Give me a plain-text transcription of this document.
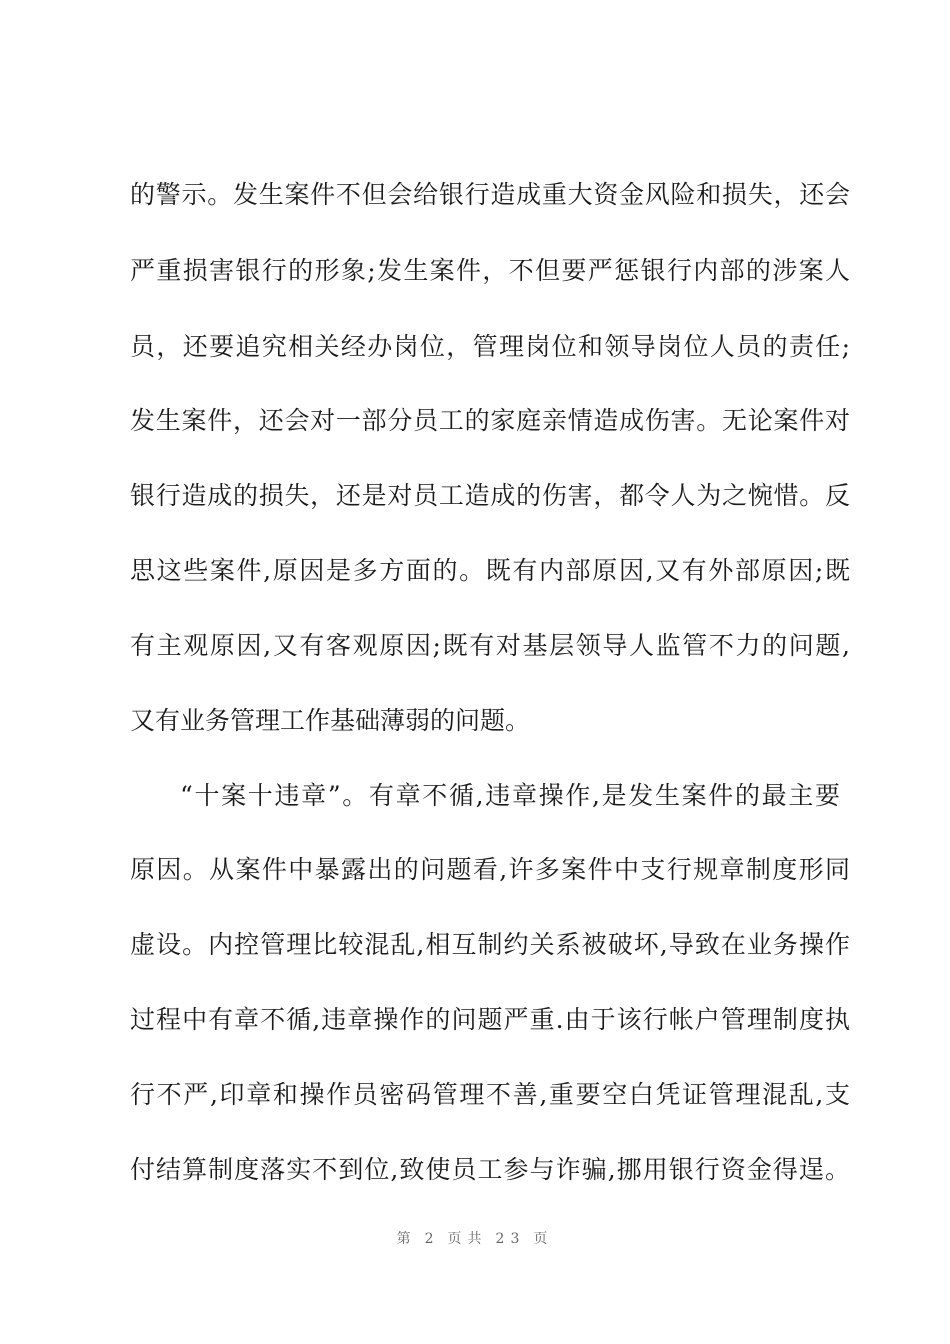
的警示。发生案件不但会给银行造成重大资金风险和损失，还会
严重损害银行的形象;发生案件，不但要严惩银行内部的涉案人
员，还要追究相关经办岗位，管理岗位和领导岗位人员的责任;
发生案件，还会对一部分员工的家庭亲情造成伤害。无论案件对
银行造成的损失，还是对员工造成的伤害，都令人为之惋惜。反
思这些案件,原因是多方面的。既有内部原因,又有外部原因;既
有主观原因,又有客观原因;既有对基层领导人监管不力的问题,
又有业务管理工作基础薄弱的问题。
“十案十违章”。有章不循,违章操作,是发生案件的最主要
原因。从案件中暴露出的问题看,许多案件中支行规章制度形同
虚设。内控管理比较混乱,相互制约关系被破坏,导致在业务操作
过程中有章不循,违章操作的问题严重.由于该行帐户管理制度执
行不严,印章和操作员密码管理不善,重要空白凭证管理混乱,支
付结算制度落实不到位,致使员工参与诈骗,挪用银行资金得逞。
第 2 页共 23 页
